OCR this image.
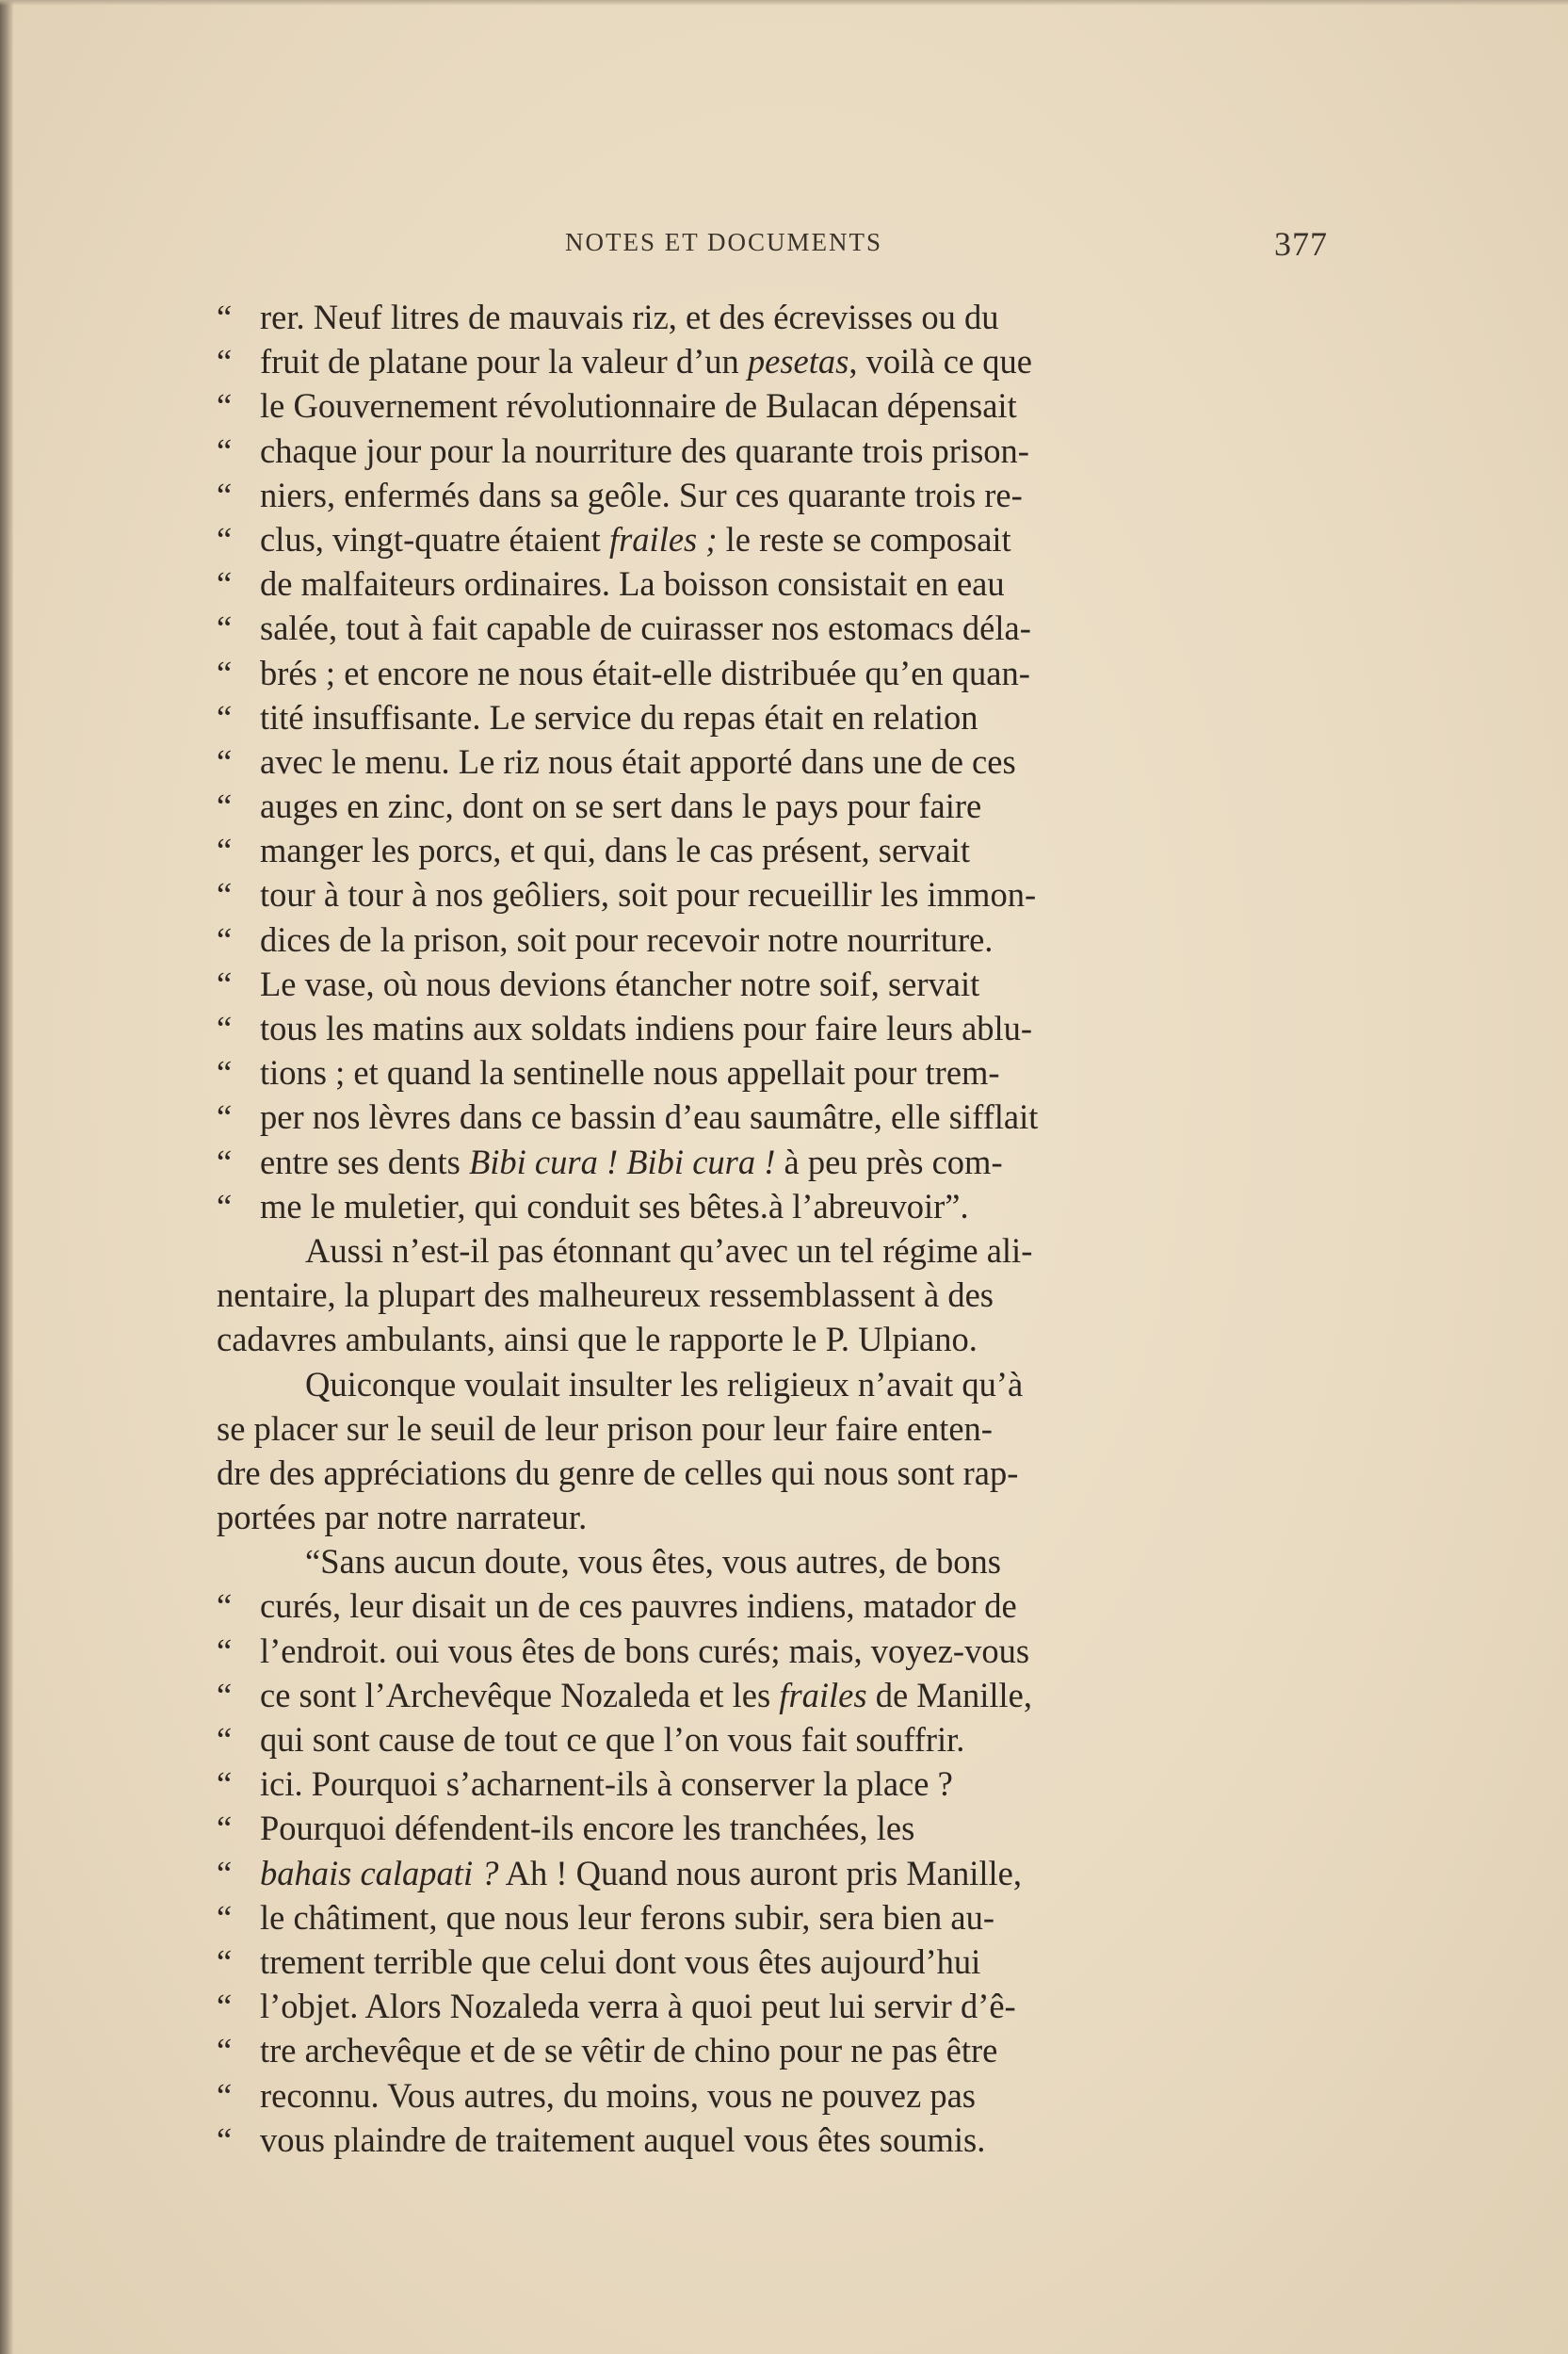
NOTES ET DOCUMENTS	377
“rer. Neuf litres de mauvais riz, et des écrevisses ou du
“fruit de platane pour la valeur d’un pesetas, voilà ce que
“le Gouvernement révolutionnaire de Bulacan dépensait
“chaque jour pour la nourriture des quarante trois prison-
“niers, enfermés dans sa geôle. Sur ces quarante trois re-
“clus, vingt-quatre étaient frailes ; le reste se composait
“de malfaiteurs ordinaires. La boisson consistait en eau
“salée, tout à fait capable de cuirasser nos estomacs déla-
“brés ; et encore ne nous était-elle distribuée qu’en quan-
“tité insuffisante. Le service du repas était en relation
“avec le menu. Le riz nous était apporté dans une de ces
“auges en zinc, dont on se sert dans le pays pour faire
“manger les porcs, et qui, dans le cas présent, servait
“tour à tour à nos geôliers, soit pour recueillir les immon-
“dices de la prison, soit pour recevoir notre nourriture.
“Le vase, où nous devions étancher notre soif, servait
“tous les matins aux soldats indiens pour faire leurs ablu-
“tions ; et quand la sentinelle nous appellait pour trem-
“per nos lèvres dans ce bassin d’eau saumâtre, elle sifflait
“entre ses dents Bibi cura ! Bibi cura ! à peu près com-
“me le muletier, qui conduit ses bêtes.à l’abreuvoir”.
Aussi n’est-il pas étonnant qu’avec un tel régime ali-
nentaire, la plupart des malheureux ressemblassent à des
cadavres ambulants, ainsi que le rapporte le P. Ulpiano.
Quiconque voulait insulter les religieux n’avait qu’à
se placer sur le seuil de leur prison pour leur faire enten-
dre des appréciations du genre de celles qui nous sont rap-
portées par notre narrateur.
“Sans aucun doute, vous êtes, vous autres, de bons
“curés, leur disait un de ces pauvres indiens, matador de
“l’endroit. oui vous êtes de bons curés; mais, voyez-vous
“ce sont l’Archevêque Nozaleda et les frailes de Manille,
“qui sont cause de tout ce que l’on vous fait souffrir.
“ici. Pourquoi s’acharnent-ils à conserver la place ?
“Pourquoi défendent-ils encore les tranchées, les
“bahais calapati ? Ah ! Quand nous auront pris Manille,
“le châtiment, que nous leur ferons subir, sera bien au-
“trement terrible que celui dont vous êtes aujourd’hui
“l’objet. Alors Nozaleda verra à quoi peut lui servir d’ê-
“tre archevêque et de se vêtir de chino pour ne pas être
“reconnu. Vous autres, du moins, vous ne pouvez pas
“vous plaindre de traitement auquel vous êtes soumis.
